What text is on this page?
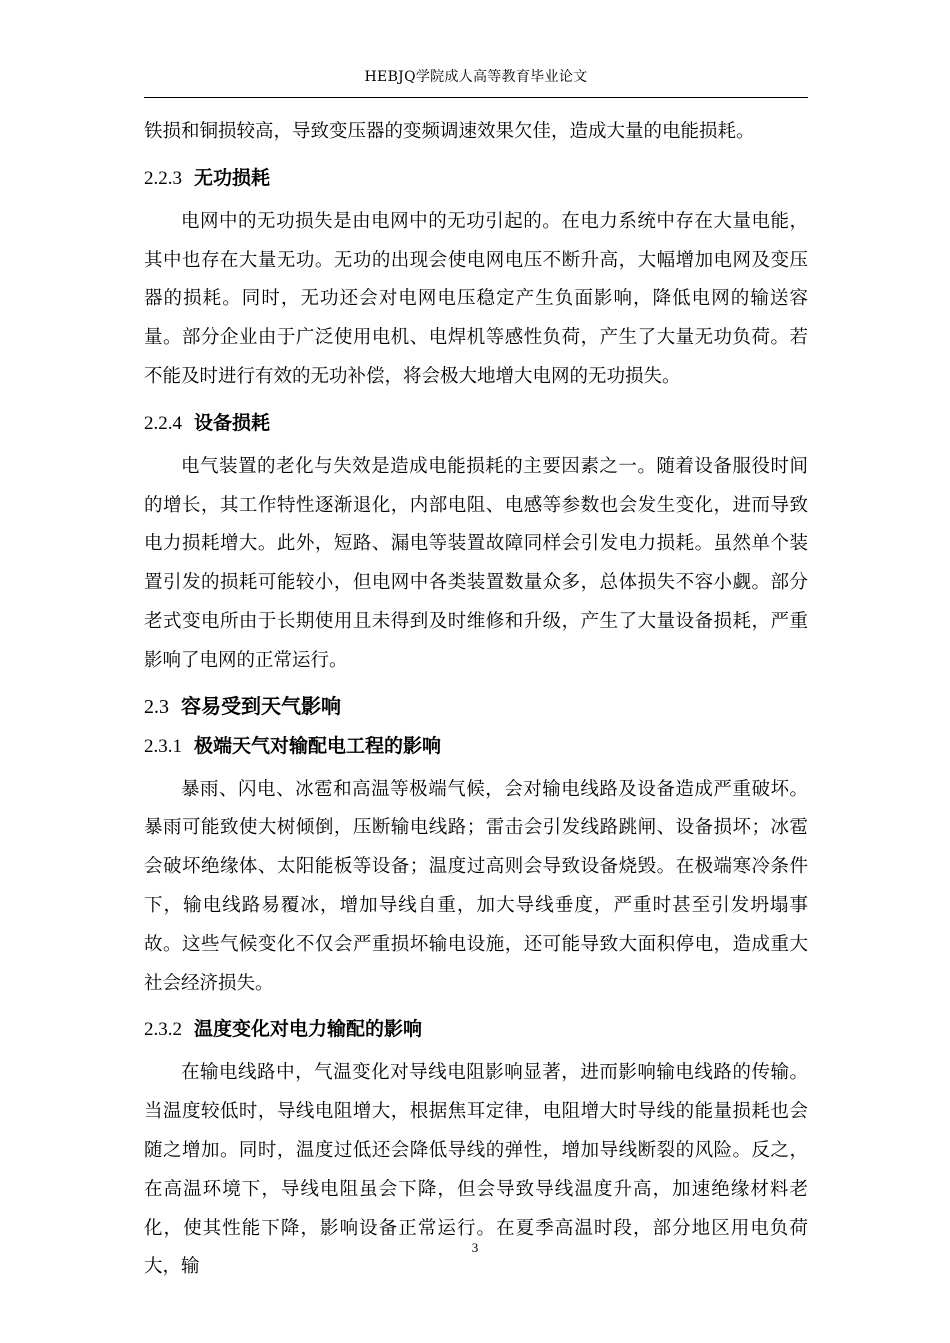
HEBJQ学院成人高等教育毕业论文

铁损和铜损较高，导致变压器的变频调速效果欠佳，造成大量的电能损耗。

2.2.3 无功损耗

电网中的无功损失是由电网中的无功引起的。在电力系统中存在大量电能，其中也存在大量无功。无功的出现会使电网电压不断升高，大幅增加电网及变压器的损耗。同时，无功还会对电网电压稳定产生负面影响，降低电网的输送容量。部分企业由于广泛使用电机、电焊机等感性负荷，产生了大量无功负荷。若不能及时进行有效的无功补偿，将会极大地增大电网的无功损失。

2.2.4 设备损耗

电气装置的老化与失效是造成电能损耗的主要因素之一。随着设备服役时间的增长，其工作特性逐渐退化，内部电阻、电感等参数也会发生变化，进而导致电力损耗增大。此外，短路、漏电等装置故障同样会引发电力损耗。虽然单个装置引发的损耗可能较小，但电网中各类装置数量众多，总体损失不容小觑。部分老式变电所由于长期使用且未得到及时维修和升级，产生了大量设备损耗，严重影响了电网的正常运行。

2.3 容易受到天气影响
2.3.1 极端天气对输配电工程的影响

暴雨、闪电、冰雹和高温等极端气候，会对输电线路及设备造成严重破坏。暴雨可能致使大树倾倒，压断输电线路；雷击会引发线路跳闸、设备损坏；冰雹会破坏绝缘体、太阳能板等设备；温度过高则会导致设备烧毁。在极端寒冷条件下，输电线路易覆冰，增加导线自重，加大导线垂度，严重时甚至引发坍塌事故。这些气候变化不仅会严重损坏输电设施，还可能导致大面积停电，造成重大社会经济损失。

2.3.2 温度变化对电力输配的影响

在输电线路中，气温变化对导线电阻影响显著，进而影响输电线路的传输。当温度较低时，导线电阻增大，根据焦耳定律，电阻增大时导线的能量损耗也会随之增加。同时，温度过低还会降低导线的弹性，增加导线断裂的风险。反之，在高温环境下，导线电阻虽会下降，但会导致导线温度升高，加速绝缘材料老化，使其性能下降，影响设备正常运行。在夏季高温时段，部分地区用电负荷大，输

3
